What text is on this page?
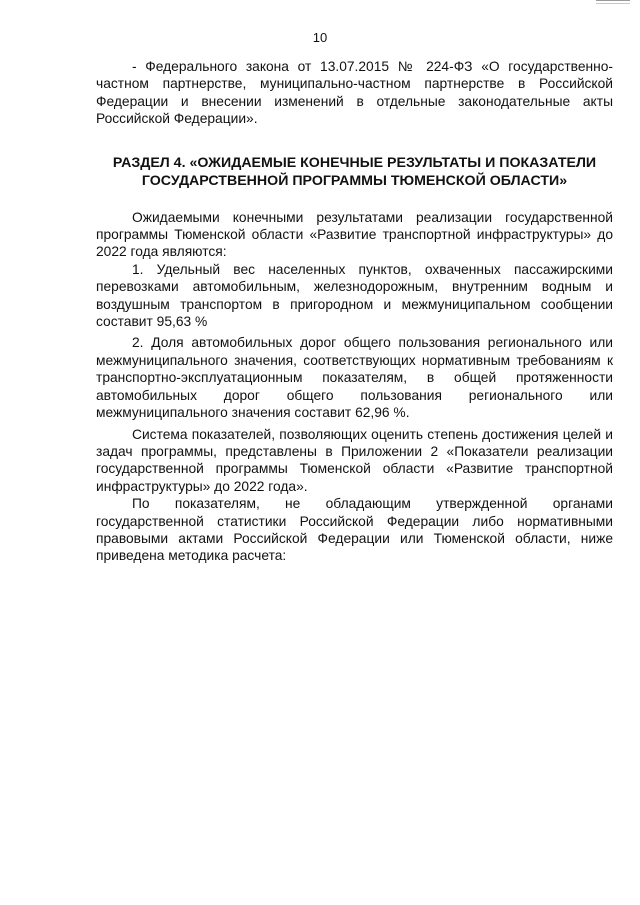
10

- Федерального закона от 13.07.2015 № 224-ФЗ «О государственно-частном партнерстве, муниципально-частном партнерстве в Российской Федерации и внесении изменений в отдельные законодательные акты Российской Федерации».

РАЗДЕЛ 4. «ОЖИДАЕМЫЕ КОНЕЧНЫЕ РЕЗУЛЬТАТЫ И ПОКАЗАТЕЛИ ГОСУДАРСТВЕННОЙ ПРОГРАММЫ ТЮМЕНСКОЙ ОБЛАСТИ»

Ожидаемыми конечными результатами реализации государственной программы Тюменской области «Развитие транспортной инфраструктуры» до 2022 года являются:

1. Удельный вес населенных пунктов, охваченных пассажирскими перевозками автомобильным, железнодорожным, внутренним водным и воздушным транспортом в пригородном и межмуниципальном сообщении составит 95,63 %

2. Доля автомобильных дорог общего пользования регионального или межмуниципального значения, соответствующих нормативным требованиям к транспортно-эксплуатационным показателям, в общей протяженности автомобильных дорог общего пользования регионального или межмуниципального значения составит 62,96 %.

Система показателей, позволяющих оценить степень достижения целей и задач программы, представлены в Приложении 2 «Показатели реализации государственной программы Тюменской области «Развитие транспортной инфраструктуры» до 2022 года».

По показателям, не обладающим утвержденной органами государственной статистики Российской Федерации либо нормативными правовыми актами Российской Федерации или Тюменской области, ниже приведена методика расчета:
